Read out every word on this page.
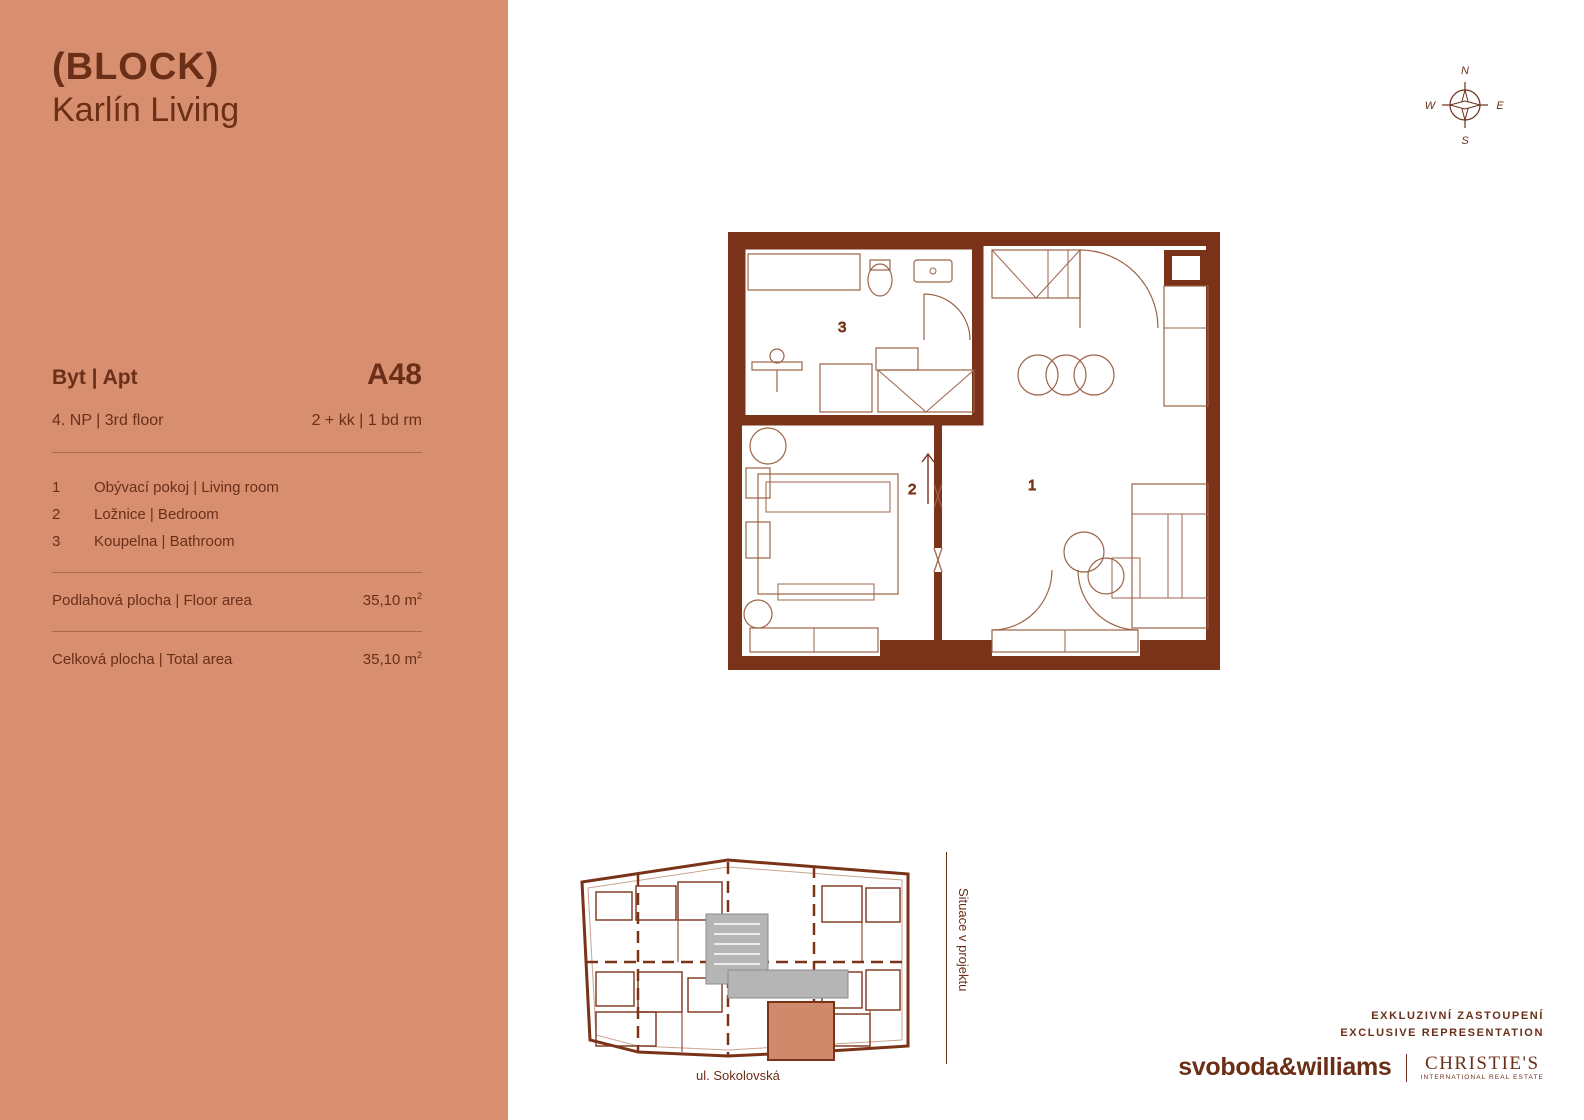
(BLOCK)
Karlín Living
Byt | Apt	A48
4. NP | 3rd floor	2 + kk | 1 bd rm
1	Obývací pokoj | Living room
2	Ložnice | Bedroom
3	Koupelna | Bathroom
Podlahová plocha | Floor area	35,10 $m^2$
Celková plocha | Total area	35,10 $m^2$
N
S
E
W
1
2
3
Situace v projektu
ul. Sokolovská
EXKLUZIVNÍ ZASTOUPENÍ
EXCLUSIVE REPRESENTATION
svoboda&williams CHRISTIE'S
INTERNATIONAL REAL ESTATE
